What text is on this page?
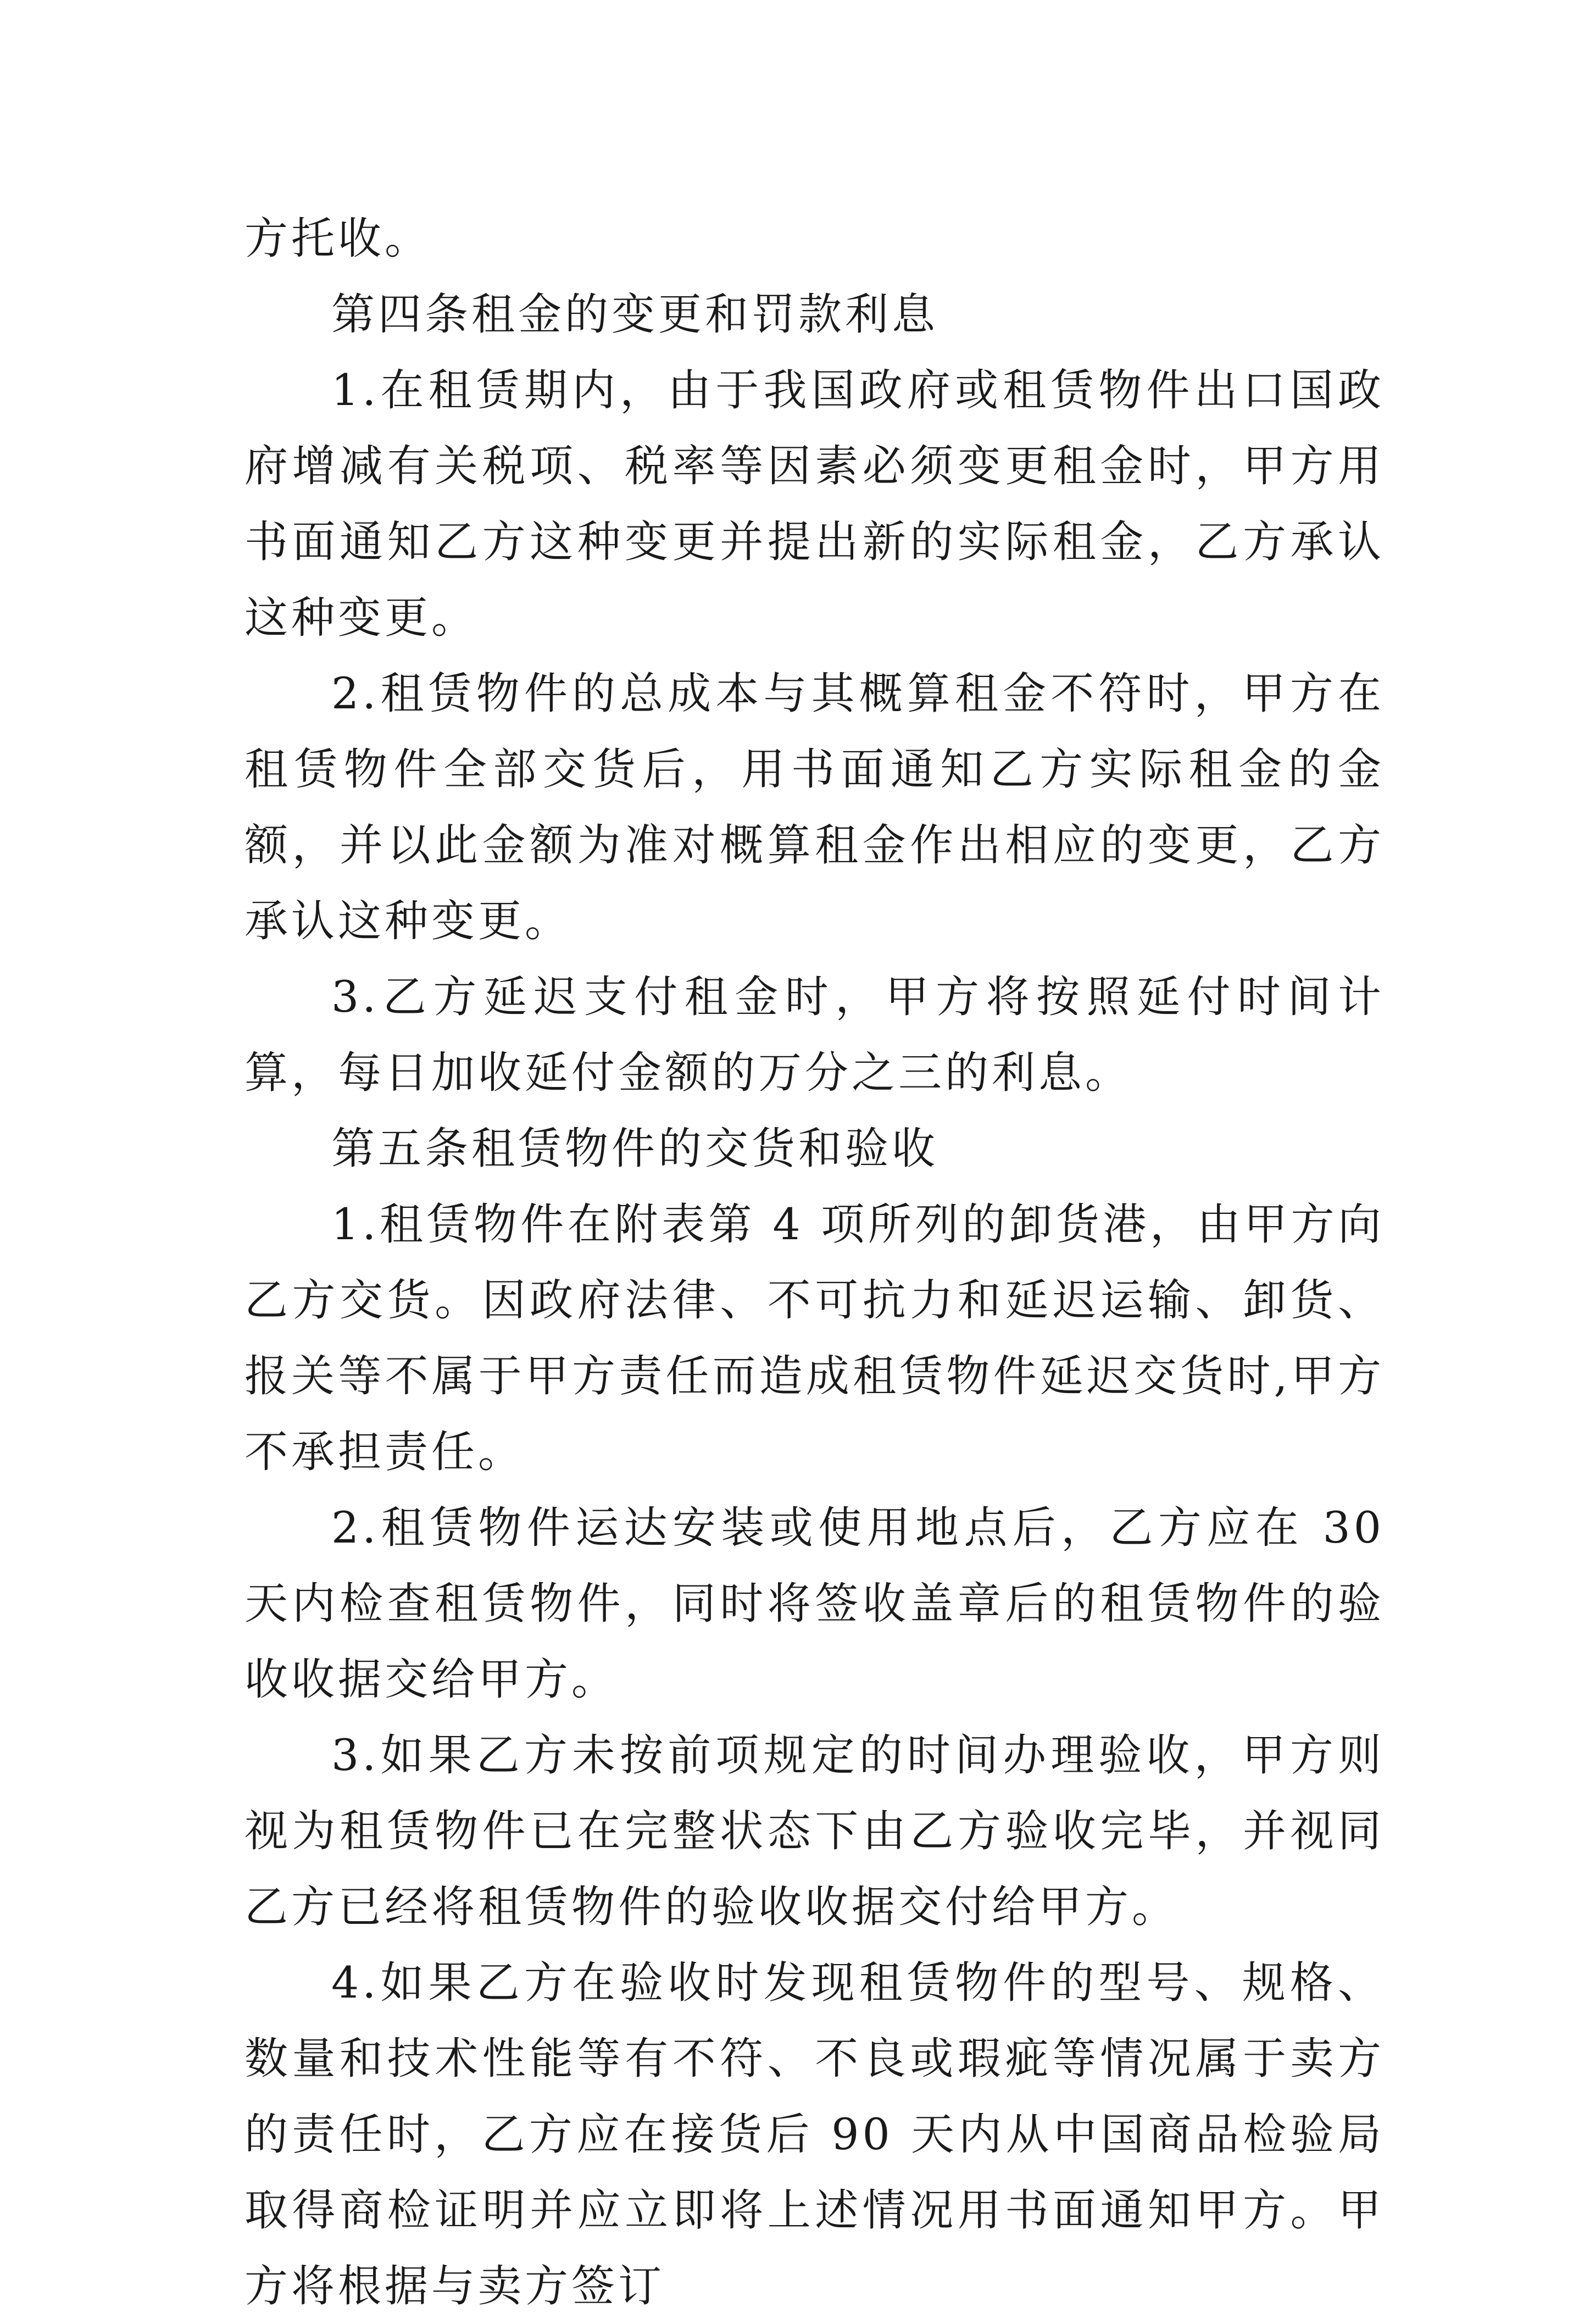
方托收。

第四条租金的变更和罚款利息

1.在租赁期内，由于我国政府或租赁物件出口国政府增减有关税项、税率等因素必须变更租金时，甲方用书面通知乙方这种变更并提出新的实际租金，乙方承认这种变更。

2.租赁物件的总成本与其概算租金不符时，甲方在租赁物件全部交货后，用书面通知乙方实际租金的金额，并以此金额为准对概算租金作出相应的变更，乙方承认这种变更。

3.乙方延迟支付租金时，甲方将按照延付时间计算，每日加收延付金额的万分之三的利息。

第五条租赁物件的交货和验收

1.租赁物件在附表第 4 项所列的卸货港，由甲方向乙方交货。因政府法律、不可抗力和延迟运输、卸货、报关等不属于甲方责任而造成租赁物件延迟交货时,甲方不承担责任。

2.租赁物件运达安装或使用地点后，乙方应在 30 天内检查租赁物件，同时将签收盖章后的租赁物件的验收收据交给甲方。

3.如果乙方未按前项规定的时间办理验收，甲方则视为租赁物件已在完整状态下由乙方验收完毕，并视同乙方已经将租赁物件的验收收据交付给甲方。

4.如果乙方在验收时发现租赁物件的型号、规格、数量和技术性能等有不符、不良或瑕疵等情况属于卖方的责任时，乙方应在接货后 90 天内从中国商品检验局取得商检证明并应立即将上述情况用书面通知甲方。甲方将根据与卖方签订
